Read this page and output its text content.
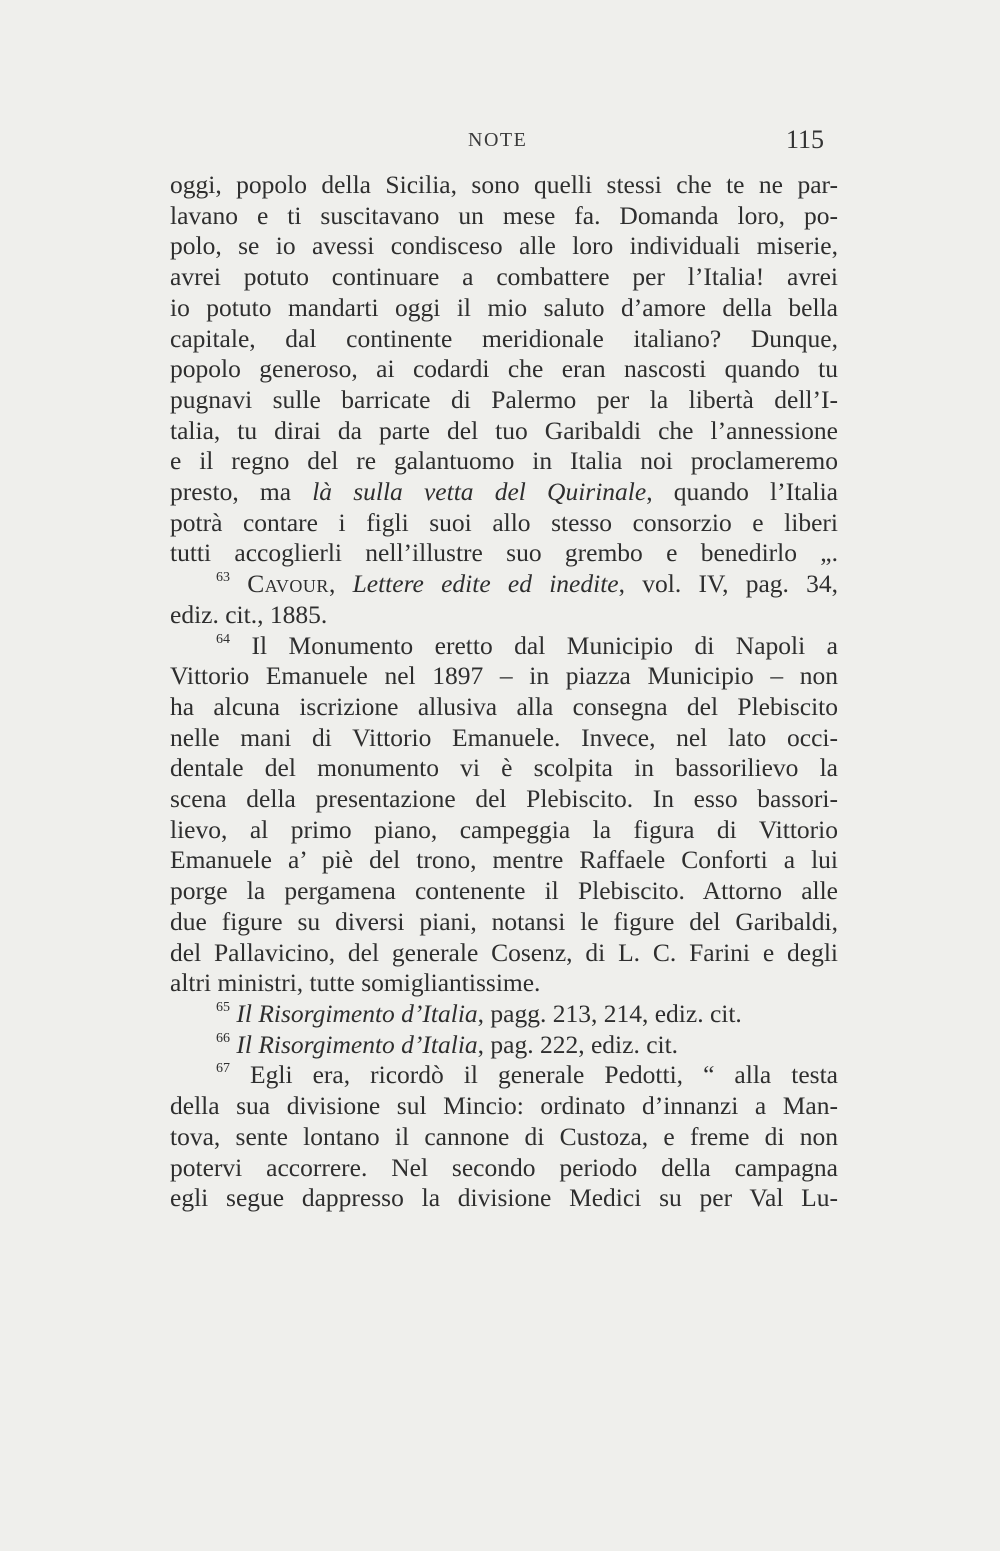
NOTE	115
oggi, popolo della Sicilia, sono quelli stessi che te ne par-
lavano e ti suscitavano un mese fa. Domanda loro, po-
polo, se io avessi condisceso alle loro individuali miserie,
avrei potuto continuare a combattere per l’Italia! avrei
io potuto mandarti oggi il mio saluto d’amore della bella
capitale, dal continente meridionale italiano? Dunque,
popolo generoso, ai codardi che eran nascosti quando tu
pugnavi sulle barricate di Palermo per la libertà dell’I-
talia, tu dirai da parte del tuo Garibaldi che l’annessione
e il regno del re galantuomo in Italia noi proclameremo
presto, ma là sulla vetta del Quirinale, quando l’Italia
potrà contare i figli suoi allo stesso consorzio e liberi
tutti accoglierli nell’illustre suo grembo e benedirlo „.
$^{63}$ Cavour, Lettere edite ed inedite, vol. IV, pag. 34,
ediz. cit., 1885.
$^{64}$ Il Monumento eretto dal Municipio di Napoli a
Vittorio Emanuele nel 1897 – in piazza Municipio – non
ha alcuna iscrizione allusiva alla consegna del Plebiscito
nelle mani di Vittorio Emanuele. Invece, nel lato occi-
dentale del monumento vi è scolpita in bassorilievo la
scena della presentazione del Plebiscito. In esso bassori-
lievo, al primo piano, campeggia la figura di Vittorio
Emanuele a’ piè del trono, mentre Raffaele Conforti a lui
porge la pergamena contenente il Plebiscito. Attorno alle
due figure su diversi piani, notansi le figure del Garibaldi,
del Pallavicino, del generale Cosenz, di L. C. Farini e degli
altri ministri, tutte somigliantissime.
$^{65}$ Il Risorgimento d’Italia, pagg. 213, 214, ediz. cit.
$^{66}$ Il Risorgimento d’Italia, pag. 222, ediz. cit.
$^{67}$ Egli era, ricordò il generale Pedotti, “ alla testa
della sua divisione sul Mincio: ordinato d’innanzi a Man-
tova, sente lontano il cannone di Custoza, e freme di non
potervi accorrere. Nel secondo periodo della campagna
egli segue dappresso la divisione Medici su per Val Lu-
